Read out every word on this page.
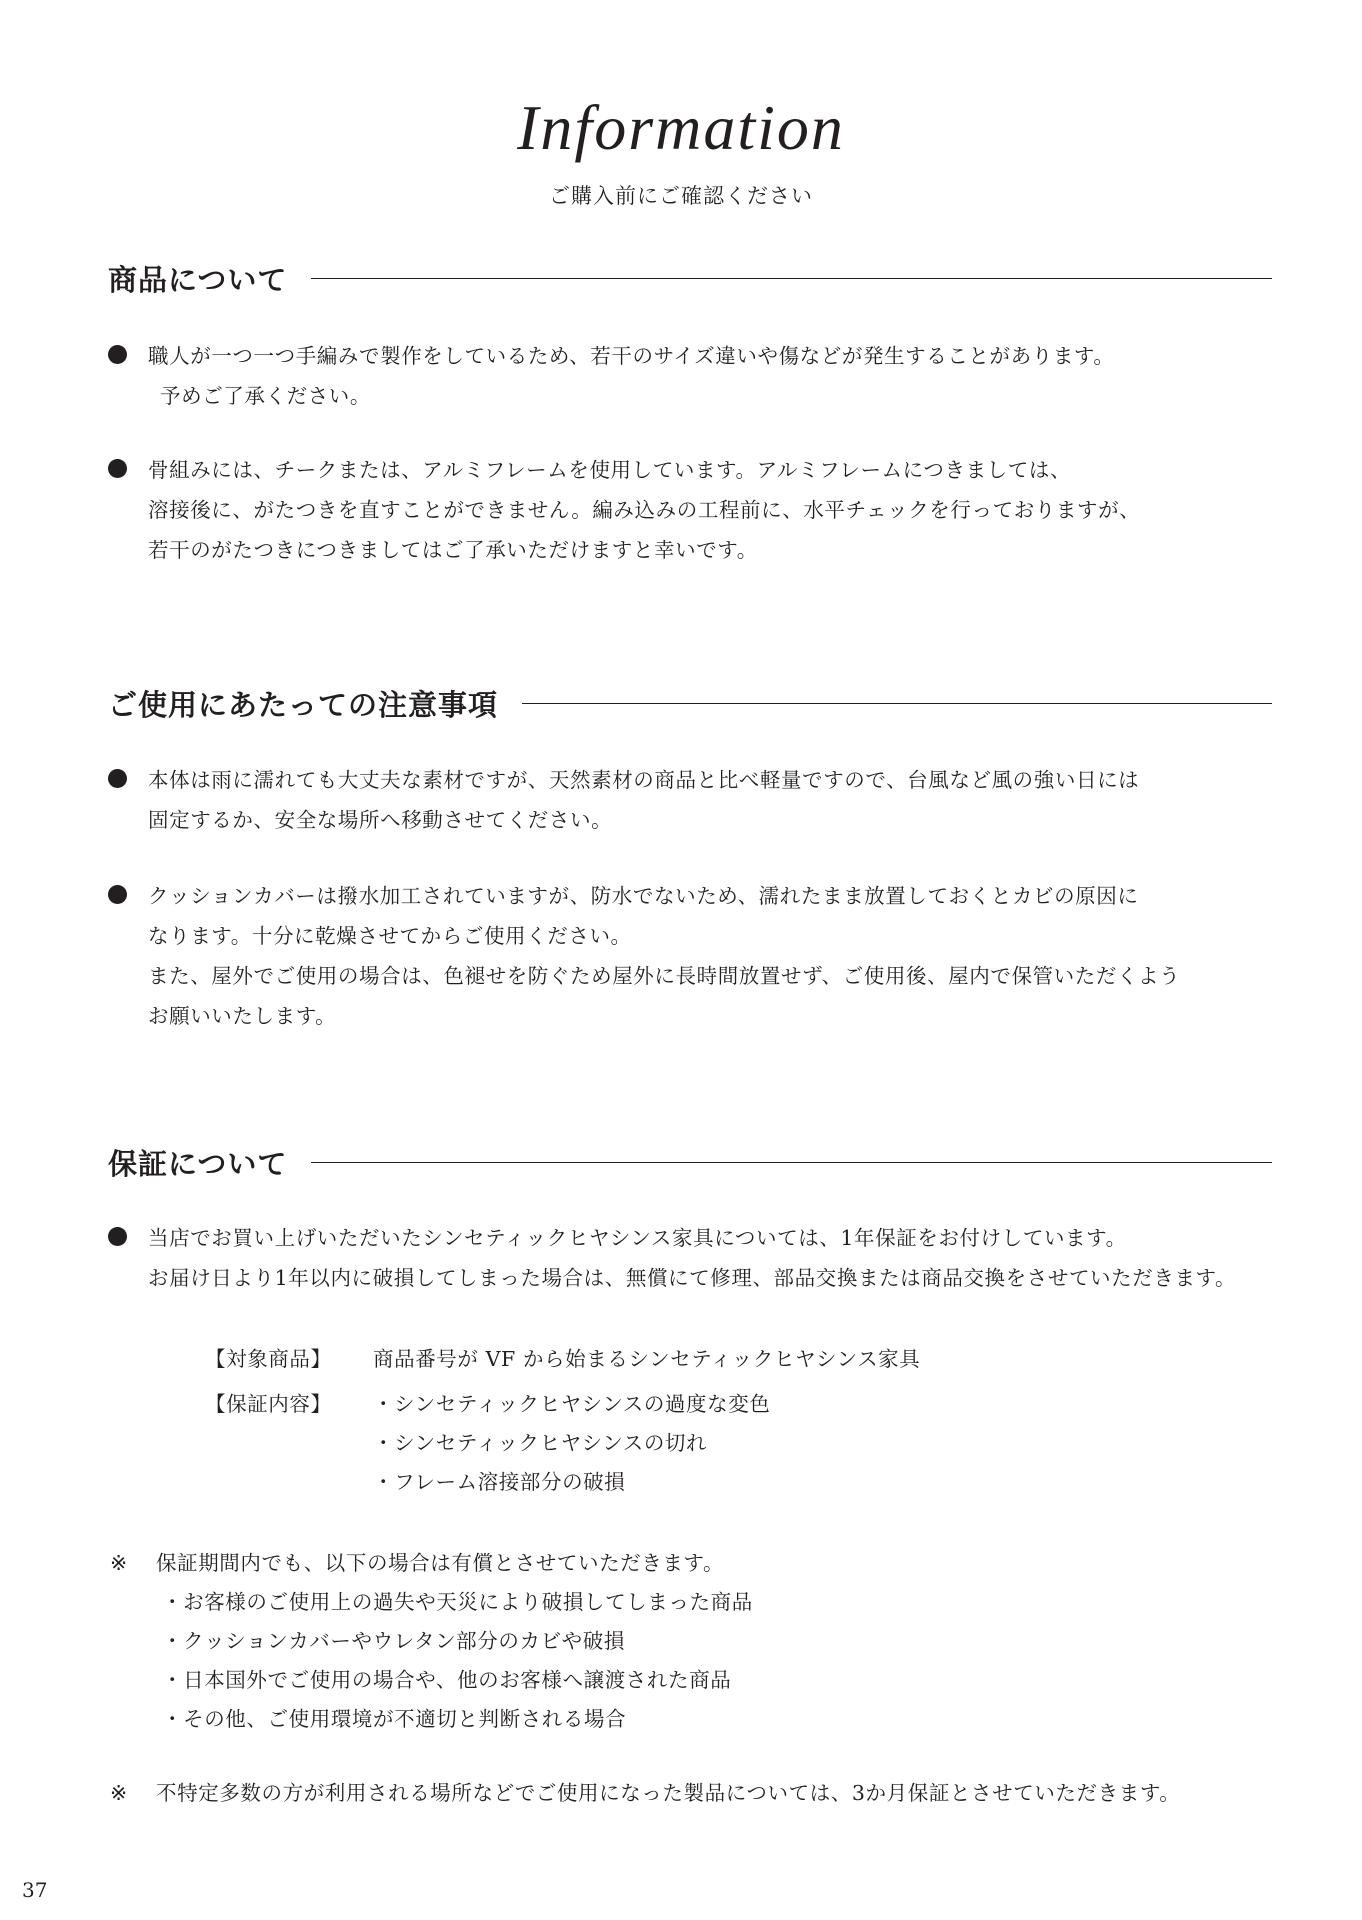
Information
ご購入前にご確認ください
商品について
職人が一つ一つ手編みで製作をしているため、若干のサイズ違いや傷などが発生することがあります。
予めご了承ください。
骨組みには、チークまたは、アルミフレームを使用しています。アルミフレームにつきましては、
溶接後に、がたつきを直すことができません。編み込みの工程前に、水平チェックを行っておりますが、
若干のがたつきにつきましてはご了承いただけますと幸いです。
ご使用にあたっての注意事項
本体は雨に濡れても大丈夫な素材ですが、天然素材の商品と比べ軽量ですので、台風など風の強い日には
固定するか、安全な場所へ移動させてください。
クッションカバーは撥水加工されていますが、防水でないため、濡れたまま放置しておくとカビの原因に
なります。十分に乾燥させてからご使用ください。
また、屋外でご使用の場合は、色褪せを防ぐため屋外に長時間放置せず、ご使用後、屋内で保管いただくよう
お願いいたします。
保証について
当店でお買い上げいただいたシンセティックヒヤシンス家具については、1年保証をお付けしています。
お届け日より1年以内に破損してしまった場合は、無償にて修理、部品交換または商品交換をさせていただきます。
【対象商品】	商品番号が VF から始まるシンセティックヒヤシンス家具
【保証内容】	・シンセティックヒヤシンスの過度な変色
・シンセティックヒヤシンスの切れ
・フレーム溶接部分の破損
※	保証期間内でも、以下の場合は有償とさせていただきます。
・お客様のご使用上の過失や天災により破損してしまった商品
・クッションカバーやウレタン部分のカビや破損
・日本国外でご使用の場合や、他のお客様へ譲渡された商品
・その他、ご使用環境が不適切と判断される場合
※	不特定多数の方が利用される場所などでご使用になった製品については、3か月保証とさせていただきます。
37
